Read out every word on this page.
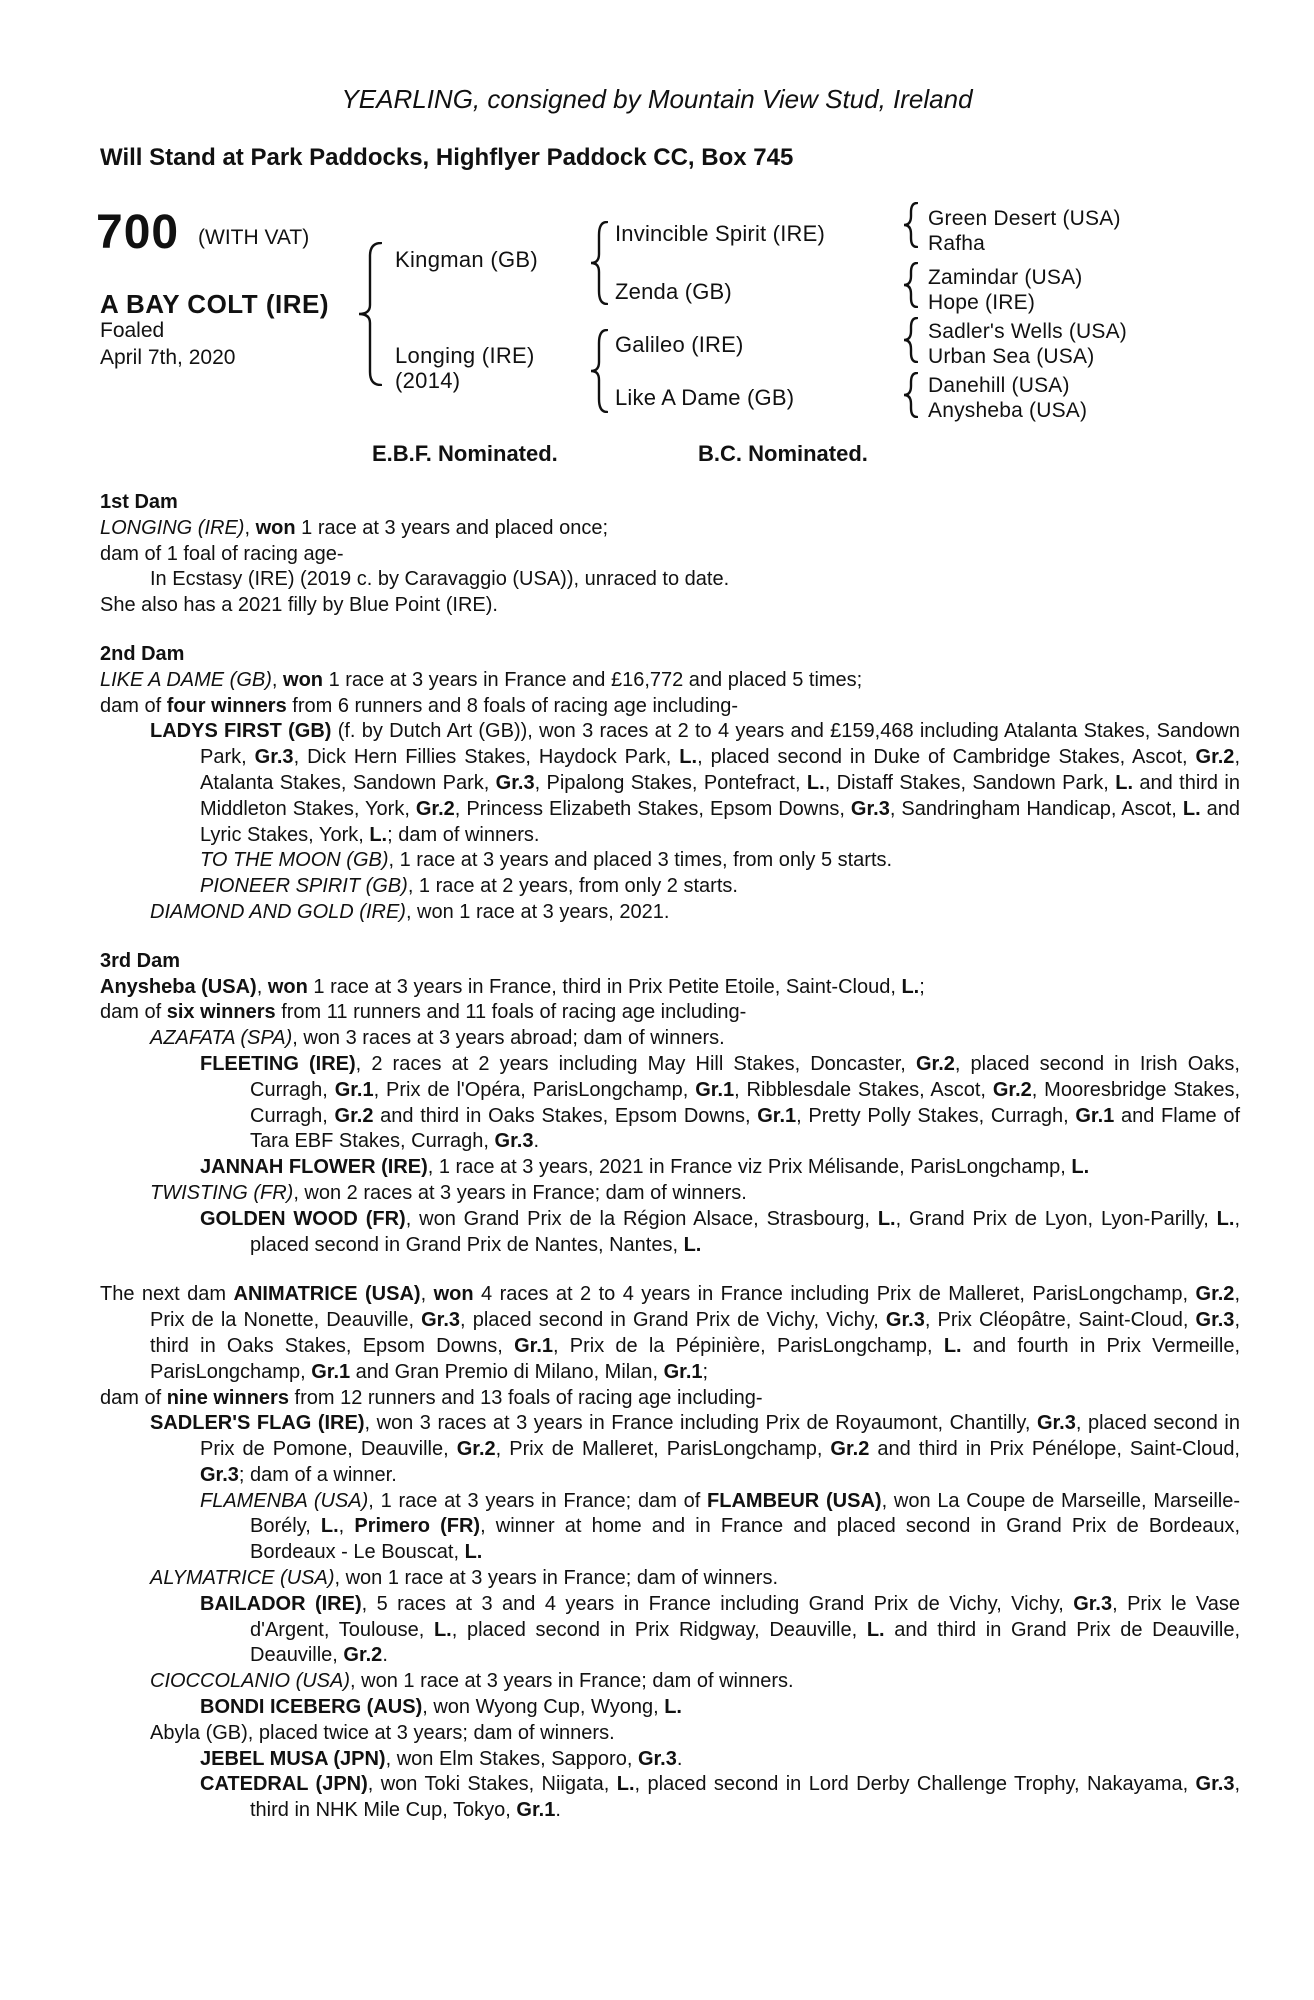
YEARLING, consigned by Mountain View Stud, Ireland
Will Stand at Park Paddocks, Highflyer Paddock CC, Box 745
700 (WITH VAT)
A BAY COLT (IRE)
Foaled
April 7th, 2020
Kingman (GB)
Longing (IRE)
(2014)
Invincible Spirit (IRE)
Zenda (GB)
Galileo (IRE)
Like A Dame (GB)
Green Desert (USA)
Rafha
Zamindar (USA)
Hope (IRE)
Sadler's Wells (USA)
Urban Sea (USA)
Danehill (USA)
Anysheba (USA)
E.B.F. Nominated.	B.C. Nominated.
1st Dam

LONGING (IRE), won 1 race at 3 years and placed once;

dam of 1 foal of racing age-

In Ecstasy (IRE) (2019 c. by Caravaggio (USA)), unraced to date.

She also has a 2021 filly by Blue Point (IRE).

2nd Dam

LIKE A DAME (GB), won 1 race at 3 years in France and £16,772 and placed 5 times;

dam of four winners from 6 runners and 8 foals of racing age including-

LADYS FIRST (GB) (f. by Dutch Art (GB)), won 3 races at 2 to 4 years and £159,468 including Atalanta Stakes, Sandown Park, Gr.3, Dick Hern Fillies Stakes, Haydock Park, L., placed second in Duke of Cambridge Stakes, Ascot, Gr.2, Atalanta Stakes, Sandown Park, Gr.3, Pipalong Stakes, Pontefract, L., Distaff Stakes, Sandown Park, L. and third in Middleton Stakes, York, Gr.2, Princess Elizabeth Stakes, Epsom Downs, Gr.3, Sandringham Handicap, Ascot, L. and Lyric Stakes, York, L.; dam of winners.

TO THE MOON (GB), 1 race at 3 years and placed 3 times, from only 5 starts.

PIONEER SPIRIT (GB), 1 race at 2 years, from only 2 starts.

DIAMOND AND GOLD (IRE), won 1 race at 3 years, 2021.

3rd Dam

Anysheba (USA), won 1 race at 3 years in France, third in Prix Petite Etoile, Saint-Cloud, L.;

dam of six winners from 11 runners and 11 foals of racing age including-

AZAFATA (SPA), won 3 races at 3 years abroad; dam of winners.

FLEETING (IRE), 2 races at 2 years including May Hill Stakes, Doncaster, Gr.2, placed second in Irish Oaks, Curragh, Gr.1, Prix de l'Opéra, ParisLongchamp, Gr.1, Ribblesdale Stakes, Ascot, Gr.2, Mooresbridge Stakes, Curragh, Gr.2 and third in Oaks Stakes, Epsom Downs, Gr.1, Pretty Polly Stakes, Curragh, Gr.1 and Flame of Tara EBF Stakes, Curragh, Gr.3.

JANNAH FLOWER (IRE), 1 race at 3 years, 2021 in France viz Prix Mélisande, ParisLongchamp, L.

TWISTING (FR), won 2 races at 3 years in France; dam of winners.

GOLDEN WOOD (FR), won Grand Prix de la Région Alsace, Strasbourg, L., Grand Prix de Lyon, Lyon-Parilly, L., placed second in Grand Prix de Nantes, Nantes, L.

The next dam ANIMATRICE (USA), won 4 races at 2 to 4 years in France including Prix de Malleret, ParisLongchamp, Gr.2, Prix de la Nonette, Deauville, Gr.3, placed second in Grand Prix de Vichy, Vichy, Gr.3, Prix Cléopâtre, Saint-Cloud, Gr.3, third in Oaks Stakes, Epsom Downs, Gr.1, Prix de la Pépinière, ParisLongchamp, L. and fourth in Prix Vermeille, ParisLongchamp, Gr.1 and Gran Premio di Milano, Milan, Gr.1;

dam of nine winners from 12 runners and 13 foals of racing age including-

SADLER'S FLAG (IRE), won 3 races at 3 years in France including Prix de Royaumont, Chantilly, Gr.3, placed second in Prix de Pomone, Deauville, Gr.2, Prix de Malleret, ParisLongchamp, Gr.2 and third in Prix Pénélope, Saint-Cloud, Gr.3; dam of a winner.

FLAMENBA (USA), 1 race at 3 years in France; dam of FLAMBEUR (USA), won La Coupe de Marseille, Marseille-Borély, L., Primero (FR), winner at home and in France and placed second in Grand Prix de Bordeaux, Bordeaux - Le Bouscat, L.

ALYMATRICE (USA), won 1 race at 3 years in France; dam of winners.

BAILADOR (IRE), 5 races at 3 and 4 years in France including Grand Prix de Vichy, Vichy, Gr.3, Prix le Vase d'Argent, Toulouse, L., placed second in Prix Ridgway, Deauville, L. and third in Grand Prix de Deauville, Deauville, Gr.2.

CIOCCOLANIO (USA), won 1 race at 3 years in France; dam of winners.

BONDI ICEBERG (AUS), won Wyong Cup, Wyong, L.

Abyla (GB), placed twice at 3 years; dam of winners.

JEBEL MUSA (JPN), won Elm Stakes, Sapporo, Gr.3.

CATEDRAL (JPN), won Toki Stakes, Niigata, L., placed second in Lord Derby Challenge Trophy, Nakayama, Gr.3, third in NHK Mile Cup, Tokyo, Gr.1.
